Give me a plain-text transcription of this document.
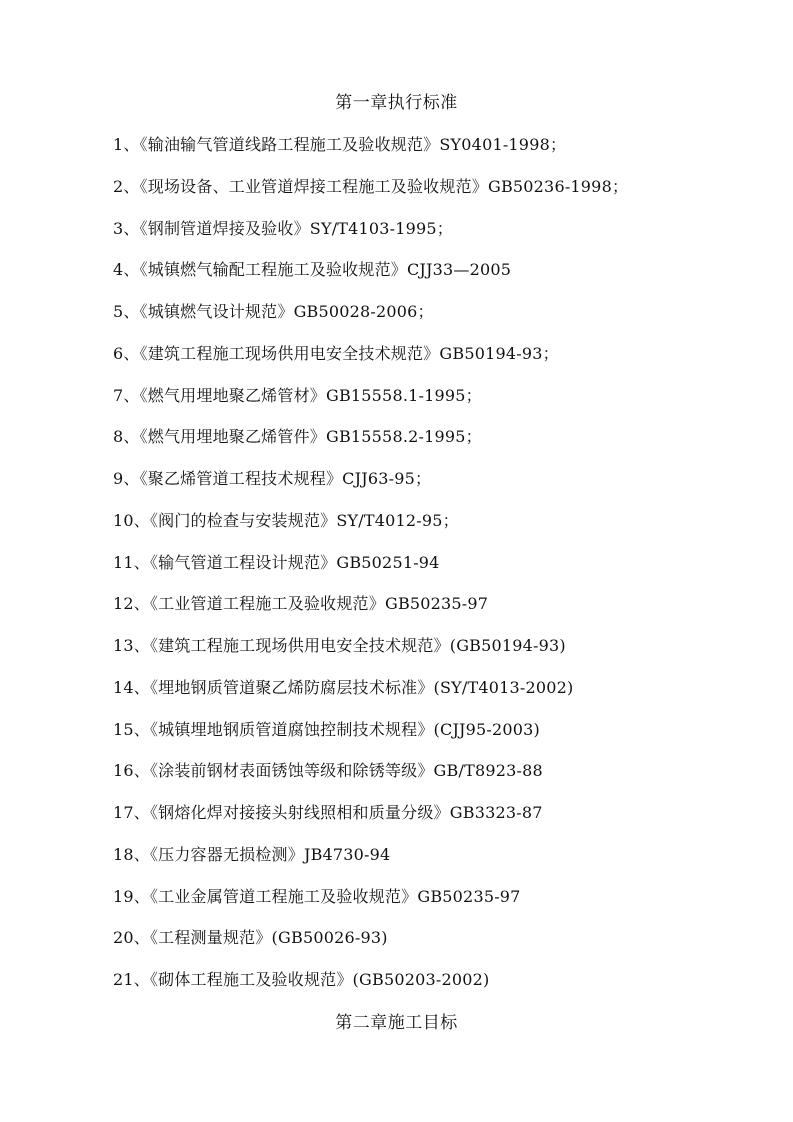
第一章执行标准
1、《输油输气管道线路工程施工及验收规范》SY0401-1998；
2、《现场设备、工业管道焊接工程施工及验收规范》GB50236-1998；
3、《钢制管道焊接及验收》SY/T4103-1995；
4、《城镇燃气输配工程施工及验收规范》CJJ33—2005
5、《城镇燃气设计规范》GB50028-2006；
6、《建筑工程施工现场供用电安全技术规范》GB50194-93；
7、《燃气用埋地聚乙烯管材》GB15558.1-1995；
8、《燃气用埋地聚乙烯管件》GB15558.2-1995；
9、《聚乙烯管道工程技术规程》CJJ63-95；
10、《阀门的检查与安装规范》SY/T4012-95；
11、《输气管道工程设计规范》GB50251-94
12、《工业管道工程施工及验收规范》GB50235-97
13、《建筑工程施工现场供用电安全技术规范》(GB50194-93)
14、《埋地钢质管道聚乙烯防腐层技术标准》(SY/T4013-2002)
15、《城镇埋地钢质管道腐蚀控制技术规程》(CJJ95-2003)
16、《涂装前钢材表面锈蚀等级和除锈等级》GB/T8923-88
17、《钢熔化焊对接接头射线照相和质量分级》GB3323-87
18、《压力容器无损检测》JB4730-94
19、《工业金属管道工程施工及验收规范》GB50235-97
20、《工程测量规范》(GB50026-93)
21、《砌体工程施工及验收规范》(GB50203-2002)
第二章施工目标
